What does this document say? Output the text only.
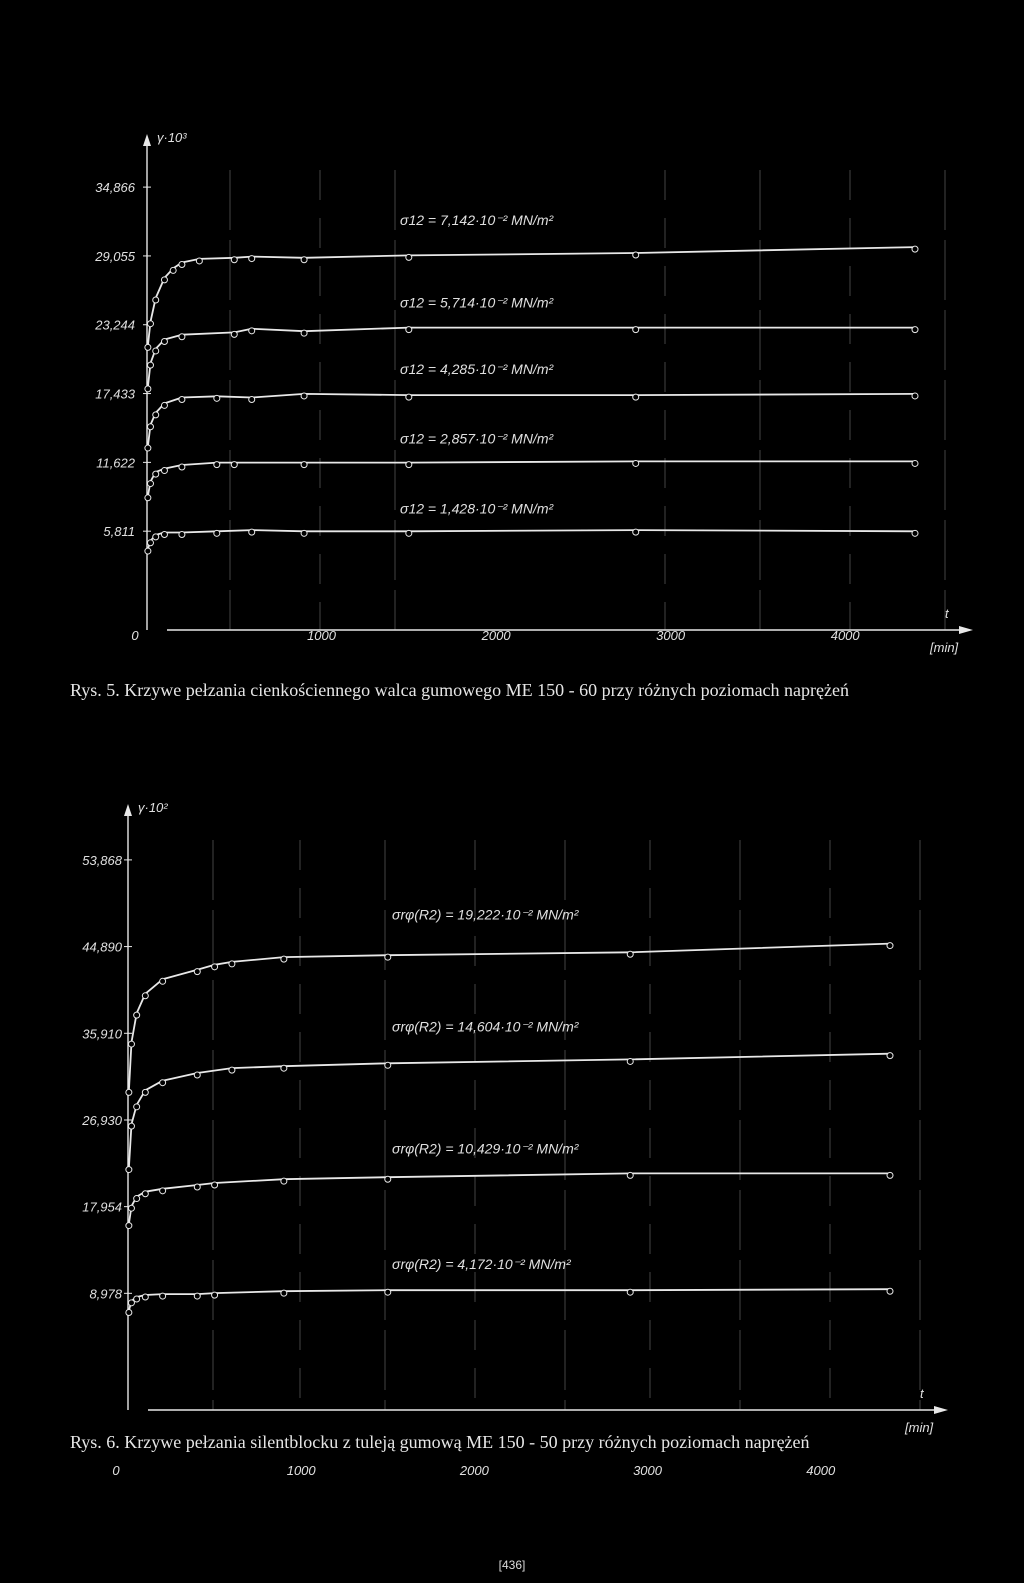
γ·10³
t
[min]
34,866
29,055
23,244
17,433
11,622
5,811
0	1000	2000	3000	4000
σ12 = 7,142·10⁻² MN/m²
σ12 = 5,714·10⁻² MN/m²
σ12 = 4,285·10⁻² MN/m²
σ12 = 2,857·10⁻² MN/m²
σ12 = 1,428·10⁻² MN/m²
Rys. 5. Krzywe pełzania cienkościennego walca gumowego ME 150 - 60 przy różnych poziomach naprężeń
γ·10²
t
[min]
53,868
44,890
35,910
26,930
17,954
8,978
0	1000	2000	3000	4000
σrφ(R2) = 19,222·10⁻² MN/m²
σrφ(R2) = 14,604·10⁻² MN/m²
σrφ(R2) = 10,429·10⁻² MN/m²
σrφ(R2) = 4,172·10⁻² MN/m²
Rys. 6. Krzywe pełzania silentblocku z tuleją gumową ME 150 - 50 przy różnych poziomach naprężeń
[436]
